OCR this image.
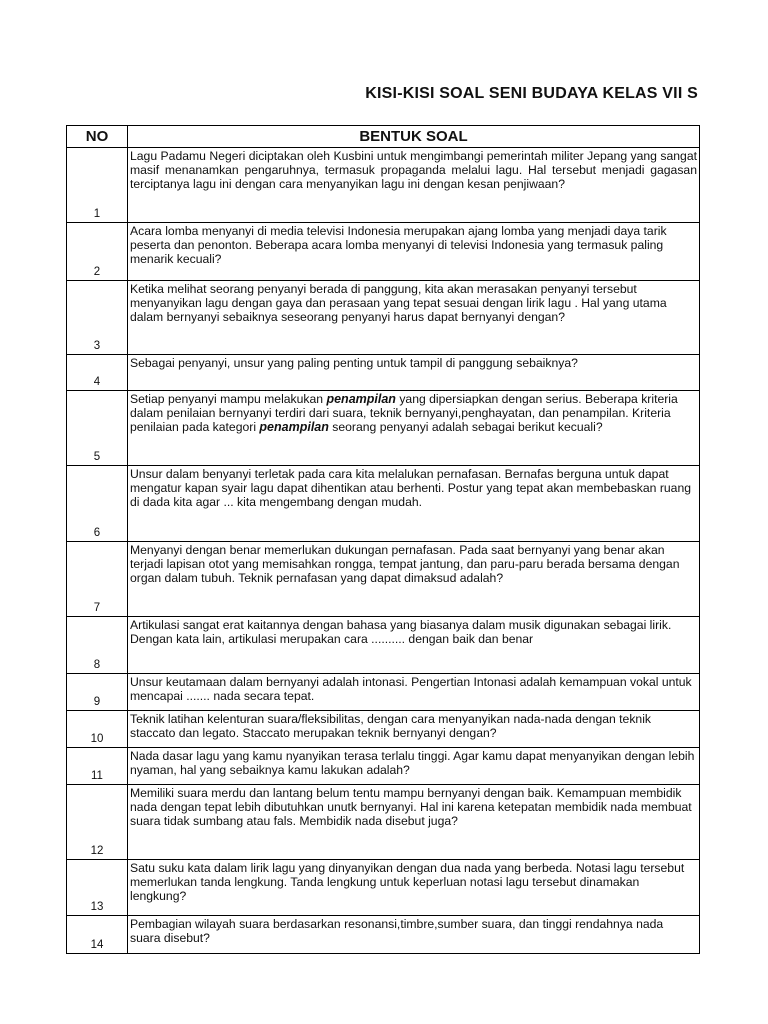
KISI-KISI SOAL SENI BUDAYA KELAS VII S
NO	BENTUK SOAL
1	Lagu Padamu Negeri diciptakan oleh Kusbini untuk mengimbangi pemerintah militer Jepang yang sangat masif menanamkan pengaruhnya, termasuk propaganda melalui lagu. Hal tersebut menjadi gagasan terciptanya lagu ini dengan cara menyanyikan lagu ini dengan kesan penjiwaan?
2	Acara lomba menyanyi di media televisi Indonesia merupakan ajang lomba yang menjadi daya tarik peserta dan penonton. Beberapa acara lomba menyanyi di televisi Indonesia yang termasuk paling menarik kecuali?
3	Ketika melihat seorang penyanyi berada di panggung, kita akan merasakan penyanyi tersebut menyanyikan lagu dengan gaya dan perasaan yang tepat sesuai dengan lirik lagu . Hal yang utama dalam bernyanyi sebaiknya seseorang penyanyi harus dapat bernyanyi dengan?
4	Sebagai penyanyi, unsur yang paling penting untuk tampil di panggung sebaiknya?
5	Setiap penyanyi mampu melakukan penampilan yang dipersiapkan dengan serius. Beberapa kriteria dalam penilaian bernyanyi terdiri dari suara, teknik bernyanyi,penghayatan, dan penampilan. Kriteria penilaian pada kategori penampilan seorang penyanyi adalah sebagai berikut kecuali?
6	Unsur dalam benyanyi terletak pada cara kita melalukan pernafasan. Bernafas berguna untuk dapat mengatur kapan syair lagu dapat dihentikan atau berhenti. Postur yang tepat akan membebaskan ruang di dada kita agar ... kita mengembang dengan mudah.
7	Menyanyi dengan benar memerlukan dukungan pernafasan. Pada saat bernyanyi yang benar akan terjadi lapisan otot yang memisahkan rongga, tempat jantung, dan paru-paru berada bersama dengan organ dalam tubuh. Teknik pernafasan yang dapat dimaksud adalah?
8	Artikulasi sangat erat kaitannya dengan bahasa yang biasanya dalam musik digunakan sebagai lirik. Dengan kata lain, artikulasi merupakan cara .......... dengan baik dan benar
9	Unsur keutamaan dalam bernyanyi adalah intonasi. Pengertian Intonasi adalah kemampuan vokal untuk mencapai ....... nada secara tepat.
10	Teknik latihan kelenturan suara/fleksibilitas, dengan cara menyanyikan nada-nada dengan teknik staccato dan legato. Staccato merupakan teknik bernyanyi dengan?
11	Nada dasar lagu yang kamu nyanyikan terasa terlalu tinggi. Agar kamu dapat menyanyikan dengan lebih nyaman, hal yang sebaiknya kamu lakukan adalah?
12	Memiliki suara merdu dan lantang belum tentu mampu bernyanyi dengan baik. Kemampuan membidik nada dengan tepat lebih dibutuhkan unutk bernyanyi. Hal ini karena ketepatan membidik nada membuat suara tidak sumbang atau fals. Membidik nada disebut juga?
13	Satu suku kata dalam lirik lagu yang dinyanyikan dengan dua nada yang berbeda. Notasi lagu tersebut memerlukan tanda lengkung. Tanda lengkung untuk keperluan notasi lagu tersebut dinamakan lengkung?
14	Pembagian wilayah suara berdasarkan resonansi,timbre,sumber suara, dan tinggi rendahnya nada suara disebut?
